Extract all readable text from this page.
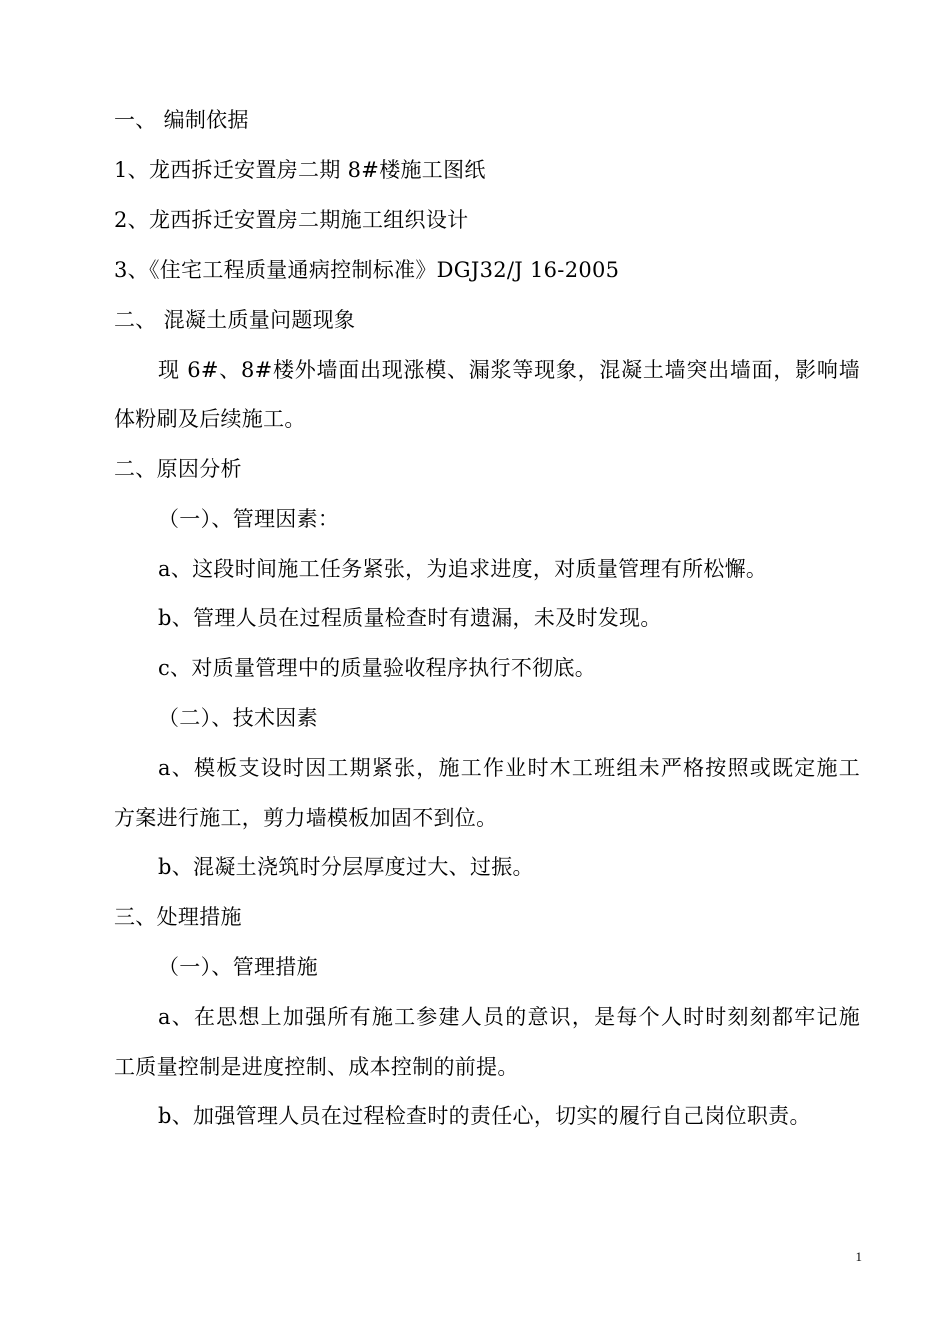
一、 编制依据
1、龙西拆迁安置房二期 8#楼施工图纸
2、龙西拆迁安置房二期施工组织设计
3、《住宅工程质量通病控制标准》DGJ32/J 16-2005
二、 混凝土质量问题现象
现 6#、8#楼外墙面出现涨模、漏浆等现象，混凝土墙突出墙面，影响墙
体粉刷及后续施工。
二、原因分析
（一）、管理因素：
a、这段时间施工任务紧张，为追求进度，对质量管理有所松懈。
b、管理人员在过程质量检查时有遗漏，未及时发现。
c、对质量管理中的质量验收程序执行不彻底。
（二）、技术因素
a、模板支设时因工期紧张，施工作业时木工班组未严格按照或既定施工
方案进行施工，剪力墙模板加固不到位。
b、混凝土浇筑时分层厚度过大、过振。
三、处理措施
（一）、管理措施
a、在思想上加强所有施工参建人员的意识，是每个人时时刻刻都牢记施
工质量控制是进度控制、成本控制的前提。
b、加强管理人员在过程检查时的责任心，切实的履行自己岗位职责。
1
